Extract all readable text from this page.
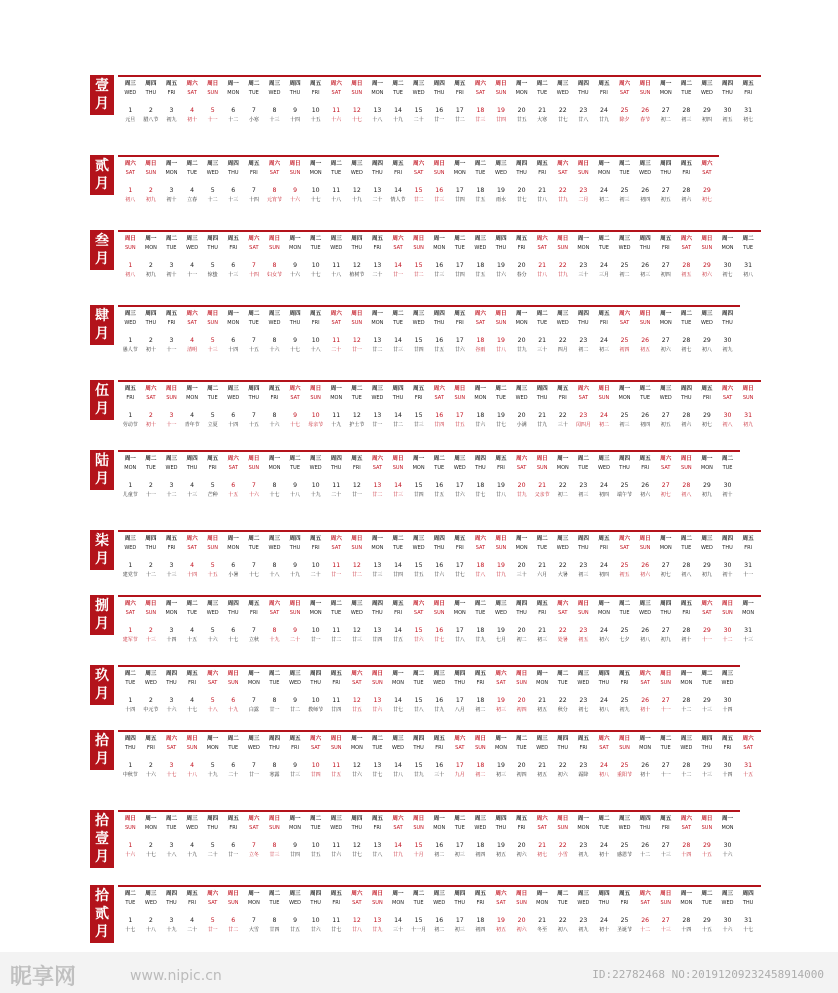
壹月
周三
WED
1
元旦
周四
THU
2
腊八节
周五
FRI
3
初九
周六
SAT
4
初十
周日
SUN
5
十一
周一
MON
6
十二
周二
TUE
7
小寒
周三
WED
8
十三
周四
THU
9
十四
周五
FRI
10
十五
周六
SAT
11
十六
周日
SUN
12
十七
周一
MON
13
十八
周二
TUE
14
十九
周三
WED
15
二十
周四
THU
16
廿一
周五
FRI
17
廿二
周六
SAT
18
廿三
周日
SUN
19
廿四
周一
MON
20
廿五
周二
TUE
21
大寒
周三
WED
22
廿七
周四
THU
23
廿八
周五
FRI
24
廿九
周六
SAT
25
除夕
周日
SUN
26
春节
周一
MON
27
初二
周二
TUE
28
初三
周三
WED
29
初四
周四
THU
30
初五
周五
FRI
31
初七
贰月
周六
SAT
1
初八
周日
SUN
2
初九
周一
MON
3
初十
周二
TUE
4
立春
周三
WED
5
十二
周四
THU
6
十三
周五
FRI
7
十四
周六
SAT
8
元宵节
周日
SUN
9
十六
周一
MON
10
十七
周二
TUE
11
十八
周三
WED
12
十九
周四
THU
13
二十
周五
FRI
14
情人节
周六
SAT
15
廿二
周日
SUN
16
廿三
周一
MON
17
廿四
周二
TUE
18
廿五
周三
WED
19
雨水
周四
THU
20
廿七
周五
FRI
21
廿八
周六
SAT
22
廿九
周日
SUN
23
二月
周一
MON
24
初二
周二
TUE
25
初三
周三
WED
26
初四
周四
THU
27
初五
周五
FRI
28
初六
周六
SAT
29
初七
叁月
周日
SUN
1
初八
周一
MON
2
初九
周二
TUE
3
初十
周三
WED
4
十一
周四
THU
5
惊蛰
周五
FRI
6
十三
周六
SAT
7
十四
周日
SUN
8
妇女节
周一
MON
9
十六
周二
TUE
10
十七
周三
WED
11
十八
周四
THU
12
植树节
周五
FRI
13
二十
周六
SAT
14
廿一
周日
SUN
15
廿二
周一
MON
16
廿三
周二
TUE
17
廿四
周三
WED
18
廿五
周四
THU
19
廿六
周五
FRI
20
春分
周六
SAT
21
廿八
周日
SUN
22
廿九
周一
MON
23
三十
周二
TUE
24
三月
周三
WED
25
初二
周四
THU
26
初三
周五
FRI
27
初四
周六
SAT
28
初五
周日
SUN
29
初六
周一
MON
30
初七
周二
TUE
31
初八
肆月
周三
WED
1
愚人节
周四
THU
2
初十
周五
FRI
3
十一
周六
SAT
4
清明
周日
SUN
5
十三
周一
MON
6
十四
周二
TUE
7
十五
周三
WED
8
十六
周四
THU
9
十七
周五
FRI
10
十八
周六
SAT
11
二十
周日
SUN
12
廿一
周一
MON
13
廿二
周二
TUE
14
廿三
周三
WED
15
廿四
周四
THU
16
廿五
周五
FRI
17
廿六
周六
SAT
18
谷雨
周日
SUN
19
廿八
周一
MON
20
廿九
周二
TUE
21
三十
周三
WED
22
四月
周四
THU
23
初二
周五
FRI
24
初三
周六
SAT
25
初四
周日
SUN
26
初五
周一
MON
27
初六
周二
TUE
28
初七
周三
WED
29
初八
周四
THU
30
初九
伍月
周五
FRI
1
劳动节
周六
SAT
2
初十
周日
SUN
3
十一
周一
MON
4
青年节
周二
TUE
5
立夏
周三
WED
6
十四
周四
THU
7
十五
周五
FRI
8
十六
周六
SAT
9
十七
周日
SUN
10
母亲节
周一
MON
11
十九
周二
TUE
12
护士节
周三
WED
13
廿一
周四
THU
14
廿二
周五
FRI
15
廿三
周六
SAT
16
廿四
周日
SUN
17
廿五
周一
MON
18
廿六
周二
TUE
19
廿七
周三
WED
20
小满
周四
THU
21
廿九
周五
FRI
22
三十
周六
SAT
23
闰四月
周日
SUN
24
初二
周一
MON
25
初三
周二
TUE
26
初四
周三
WED
27
初五
周四
THU
28
初六
周五
FRI
29
初七
周六
SAT
30
初八
周日
SUN
31
初九
陆月
周一
MON
1
儿童节
周二
TUE
2
十一
周三
WED
3
十二
周四
THU
4
十三
周五
FRI
5
芒种
周六
SAT
6
十五
周日
SUN
7
十六
周一
MON
8
十七
周二
TUE
9
十八
周三
WED
10
十九
周四
THU
11
二十
周五
FRI
12
廿一
周六
SAT
13
廿二
周日
SUN
14
廿三
周一
MON
15
廿四
周二
TUE
16
廿五
周三
WED
17
廿六
周四
THU
18
廿七
周五
FRI
19
廿八
周六
SAT
20
廿九
周日
SUN
21
父亲节
周一
MON
22
初二
周二
TUE
23
初三
周三
WED
24
初四
周四
THU
25
端午节
周五
FRI
26
初六
周六
SAT
27
初七
周日
SUN
28
初八
周一
MON
29
初九
周二
TUE
30
初十
柒月
周三
WED
1
建党节
周四
THU
2
十二
周五
FRI
3
十三
周六
SAT
4
十四
周日
SUN
5
十五
周一
MON
6
小暑
周二
TUE
7
十七
周三
WED
8
十八
周四
THU
9
十九
周五
FRI
10
二十
周六
SAT
11
廿一
周日
SUN
12
廿二
周一
MON
13
廿三
周二
TUE
14
廿四
周三
WED
15
廿五
周四
THU
16
廿六
周五
FRI
17
廿七
周六
SAT
18
廿八
周日
SUN
19
廿九
周一
MON
20
三十
周二
TUE
21
六月
周三
WED
22
大暑
周四
THU
23
初三
周五
FRI
24
初四
周六
SAT
25
初五
周日
SUN
26
初六
周一
MON
27
初七
周二
TUE
28
初八
周三
WED
29
初九
周四
THU
30
初十
周五
FRI
31
十一
捌月
周六
SAT
1
建军节
周日
SUN
2
十三
周一
MON
3
十四
周二
TUE
4
十五
周三
WED
5
十六
周四
THU
6
十七
周五
FRI
7
立秋
周六
SAT
8
十九
周日
SUN
9
二十
周一
MON
10
廿一
周二
TUE
11
廿二
周三
WED
12
廿三
周四
THU
13
廿四
周五
FRI
14
廿五
周六
SAT
15
廿六
周日
SUN
16
廿七
周一
MON
17
廿八
周二
TUE
18
廿九
周三
WED
19
七月
周四
THU
20
初二
周五
FRI
21
初三
周六
SAT
22
处暑
周日
SUN
23
初五
周一
MON
24
初六
周二
TUE
25
七夕
周三
WED
26
初八
周四
THU
27
初九
周五
FRI
28
初十
周六
SAT
29
十一
周日
SUN
30
十二
周一
MON
31
十三
玖月
周二
TUE
1
十四
周三
WED
2
中元节
周四
THU
3
十六
周五
FRI
4
十七
周六
SAT
5
十八
周日
SUN
6
十九
周一
MON
7
白露
周二
TUE
8
廿一
周三
WED
9
廿二
周四
THU
10
教师节
周五
FRI
11
廿四
周六
SAT
12
廿五
周日
SUN
13
廿六
周一
MON
14
廿七
周二
TUE
15
廿八
周三
WED
16
廿九
周四
THU
17
八月
周五
FRI
18
初二
周六
SAT
19
初三
周日
SUN
20
初四
周一
MON
21
初五
周二
TUE
22
秋分
周三
WED
23
初七
周四
THU
24
初八
周五
FRI
25
初九
周六
SAT
26
初十
周日
SUN
27
十一
周一
MON
28
十二
周二
TUE
29
十三
周三
WED
30
十四
拾月
周四
THU
1
中秋节
周五
FRI
2
十六
周六
SAT
3
十七
周日
SUN
4
十八
周一
MON
5
十九
周二
TUE
6
二十
周三
WED
7
廿一
周四
THU
8
寒露
周五
FRI
9
廿三
周六
SAT
10
廿四
周日
SUN
11
廿五
周一
MON
12
廿六
周二
TUE
13
廿七
周三
WED
14
廿八
周四
THU
15
廿九
周五
FRI
16
三十
周六
SAT
17
九月
周日
SUN
18
初二
周一
MON
19
初三
周二
TUE
20
初四
周三
WED
21
初五
周四
THU
22
初六
周五
FRI
23
霜降
周六
SAT
24
初八
周日
SUN
25
重阳节
周一
MON
26
初十
周二
TUE
27
十一
周三
WED
28
十二
周四
THU
29
十三
周五
FRI
30
十四
周六
SAT
31
十五
拾壹月
周日
SUN
1
十六
周一
MON
2
十七
周二
TUE
3
十八
周三
WED
4
十九
周四
THU
5
二十
周五
FRI
6
廿一
周六
SAT
7
立冬
周日
SUN
8
廿三
周一
MON
9
廿四
周二
TUE
10
廿五
周三
WED
11
廿六
周四
THU
12
廿七
周五
FRI
13
廿八
周六
SAT
14
廿九
周日
SUN
15
十月
周一
MON
16
初二
周二
TUE
17
初三
周三
WED
18
初四
周四
THU
19
初五
周五
FRI
20
初六
周六
SAT
21
初七
周日
SUN
22
小雪
周一
MON
23
初九
周二
TUE
24
初十
周三
WED
25
感恩节
周四
THU
26
十二
周五
FRI
27
十三
周六
SAT
28
十四
周日
SUN
29
十五
周一
MON
30
十六
拾贰月
周二
TUE
1
十七
周三
WED
2
十八
周四
THU
3
十九
周五
FRI
4
二十
周六
SAT
5
廿一
周日
SUN
6
廿二
周一
MON
7
大雪
周二
TUE
8
廿四
周三
WED
9
廿五
周四
THU
10
廿六
周五
FRI
11
廿七
周六
SAT
12
廿八
周日
SUN
13
廿九
周一
MON
14
三十
周二
TUE
15
十一月
周三
WED
16
初二
周四
THU
17
初三
周五
FRI
18
初四
周六
SAT
19
初五
周日
SUN
20
初六
周一
MON
21
冬至
周二
TUE
22
初八
周三
WED
23
初九
周四
THU
24
初十
周五
FRI
25
圣诞节
周六
SAT
26
十二
周日
SUN
27
十三
周一
MON
28
十四
周二
TUE
29
十五
周三
WED
30
十六
周四
THU
31
十七
昵享网	www.nipic.cn	ID:22782468 NO:20191209232458914000
